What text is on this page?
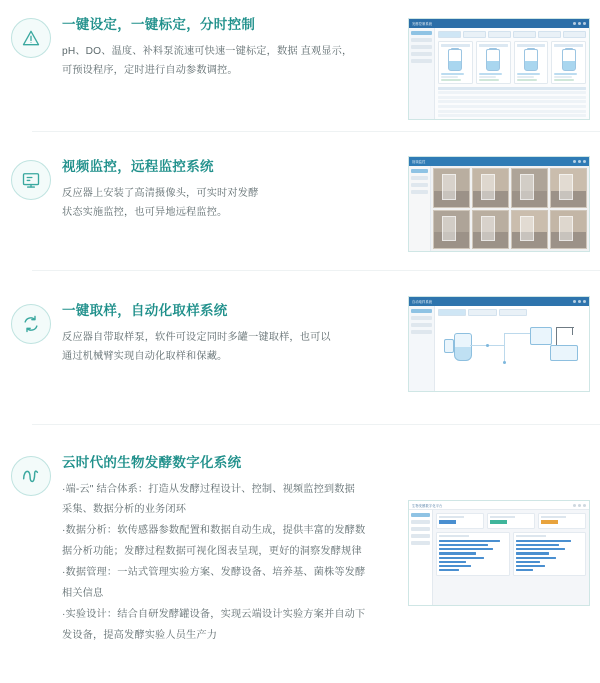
一键设定，一键标定，分时控制

pH、DO、温度、补料泵流速可快速一键标定，数据 直观显示，

可预设程序，定时进行自动参数调控。

发酵控制系统
视频监控，远程监控系统

反应器上安装了高清摄像头，可实时对发酵

状态实施监控，也可异地远程监控。

视频监控
一键取样，自动化取样系统

反应器自带取样泵，软件可设定同时多罐一键取样，也可以

通过机械臂实现自动化取样和保藏。

自动取样系统
云时代的生物发酵数字化系统

·端-云" 结合体系：打造从发酵过程设计、控制、视频监控到数据

采集、数据分析的业务闭环

·数据分析：软传感器参数配置和数据自动生成，提供丰富的发酵数

据分析功能；发酵过程数据可视化图表呈现，更好的洞察发酵规律

·数据管理：一站式管理实验方案、发酵设备、培养基、菌株等发酵

相关信息

·实验设计：结合自研发酵罐设备，实现云端设计实验方案并自动下

发设备，提高发酵实验人员生产力

生物发酵数字化平台
